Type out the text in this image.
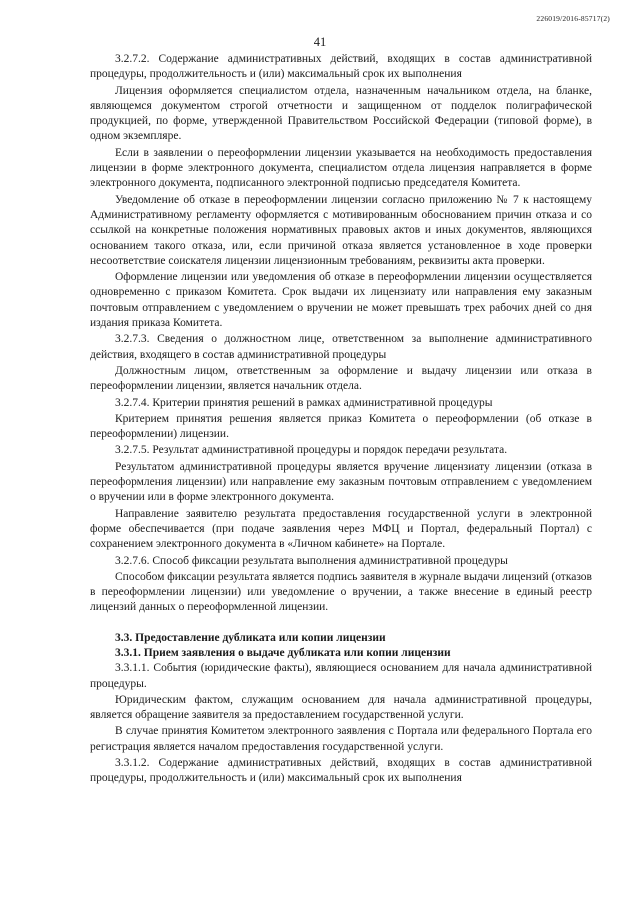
226019/2016-85717(2)
41

3.2.7.2. Содержание административных действий, входящих в состав административной процедуры, продолжительность и (или) максимальный срок их выполнения

Лицензия оформляется специалистом отдела, назначенным начальником отдела, на бланке, являющемся документом строгой отчетности и защищенном от подделок полиграфической продукцией, по форме, утвержденной Правительством Российской Федерации (типовой форме), в одном экземпляре.

Если в заявлении о переоформлении лицензии указывается на необходимость предоставления лицензии в форме электронного документа, специалистом отдела лицензия направляется в форме электронного документа, подписанного электронной подписью председателя Комитета.

Уведомление об отказе в переоформлении лицензии согласно приложению № 7 к настоящему Административному регламенту оформляется с мотивированным обоснованием причин отказа и со ссылкой на конкретные положения нормативных правовых актов и иных документов, являющихся основанием такого отказа, или, если причиной отказа является установленное в ходе проверки несоответствие соискателя лицензии лицензионным требованиям, реквизиты акта проверки.

Оформление лицензии или уведомления об отказе в переоформлении лицензии осуществляется одновременно с приказом Комитета. Срок выдачи их лицензиату или направления ему заказным почтовым отправлением с уведомлением о вручении не может превышать трех рабочих дней со дня издания приказа Комитета.

3.2.7.3. Сведения о должностном лице, ответственном за выполнение административного действия, входящего в состав административной процедуры

Должностным лицом, ответственным за оформление и выдачу лицензии или отказа в переоформлении лицензии, является начальник отдела.

3.2.7.4. Критерии принятия решений в рамках административной процедуры

Критерием принятия решения является приказ Комитета о переоформлении (об отказе в переоформлении) лицензии.

3.2.7.5. Результат административной процедуры и порядок передачи результата.

Результатом административной процедуры является вручение лицензиату лицензии (отказа в переоформления лицензии) или направление ему заказным почтовым отправлением с уведомлением о вручении или в форме электронного документа.

Направление заявителю результата предоставления государственной услуги в электронной форме обеспечивается (при подаче заявления через МФЦ и Портал, федеральный Портал) с сохранением электронного документа в «Личном кабинете» на Портале.

3.2.7.6. Способ фиксации результата выполнения административной процедуры

Способом фиксации результата является подпись заявителя в журнале выдачи лицензий (отказов в переоформлении лицензии) или уведомление о вручении, а также внесение в единый реестр лицензий данных о переоформленной лицензии.

3.3. Предоставление дубликата или копии лицензии

3.3.1. Прием заявления о выдаче дубликата или копии лицензии

3.3.1.1. События (юридические факты), являющиеся основанием для начала административной процедуры.

Юридическим фактом, служащим основанием для начала административной процедуры, является обращение заявителя за предоставлением государственной услуги.

В случае принятия Комитетом электронного заявления с Портала или федерального Портала его регистрация является началом предоставления государственной услуги.

3.3.1.2. Содержание административных действий, входящих в состав административной процедуры, продолжительность и (или) максимальный срок их выполнения
